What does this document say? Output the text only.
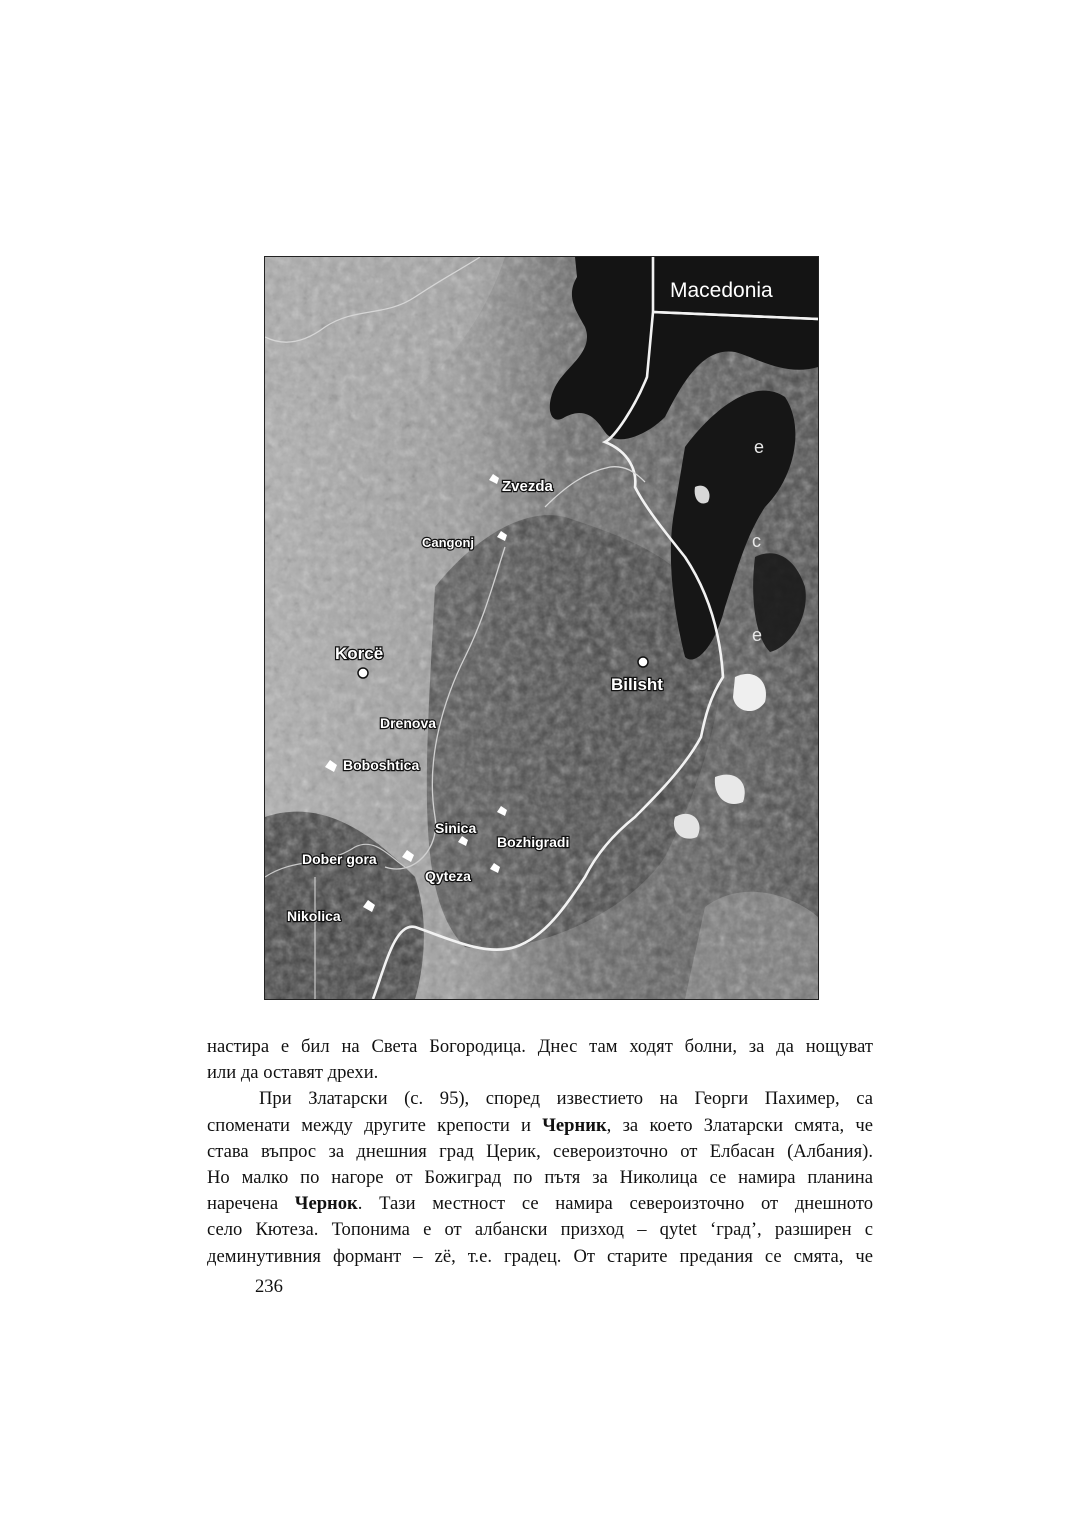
Macedonia
e
c
e
Zvezda
Cangonj
Korcë
Bilisht
Drenova
Boboshtica
Sinica
Bozhigradi
Dober gora
Qyteza
Nikolica
настира е бил на Света Богородица. Днес там ходят болни, за да нощуват
или да оставят дрехи.
При Златарски (с. 95), според известието на Георги Пахимер, са
споменати между другите крепости и Черник, за което Златарски смята, че
става въпрос за днешния град Церик, североизточно от Елбасан (Албания).
Но малко по нагоре от Божиград по пътя за Николица се намира планина
наречена Чернок. Тази местност се намира североизточно от днешното
село Кютеза. Топонима е от албански призход – qytet ‘град’, разширен с
деминутивния формант – zë, т.е. градец. От старите предания се смята, че
236
